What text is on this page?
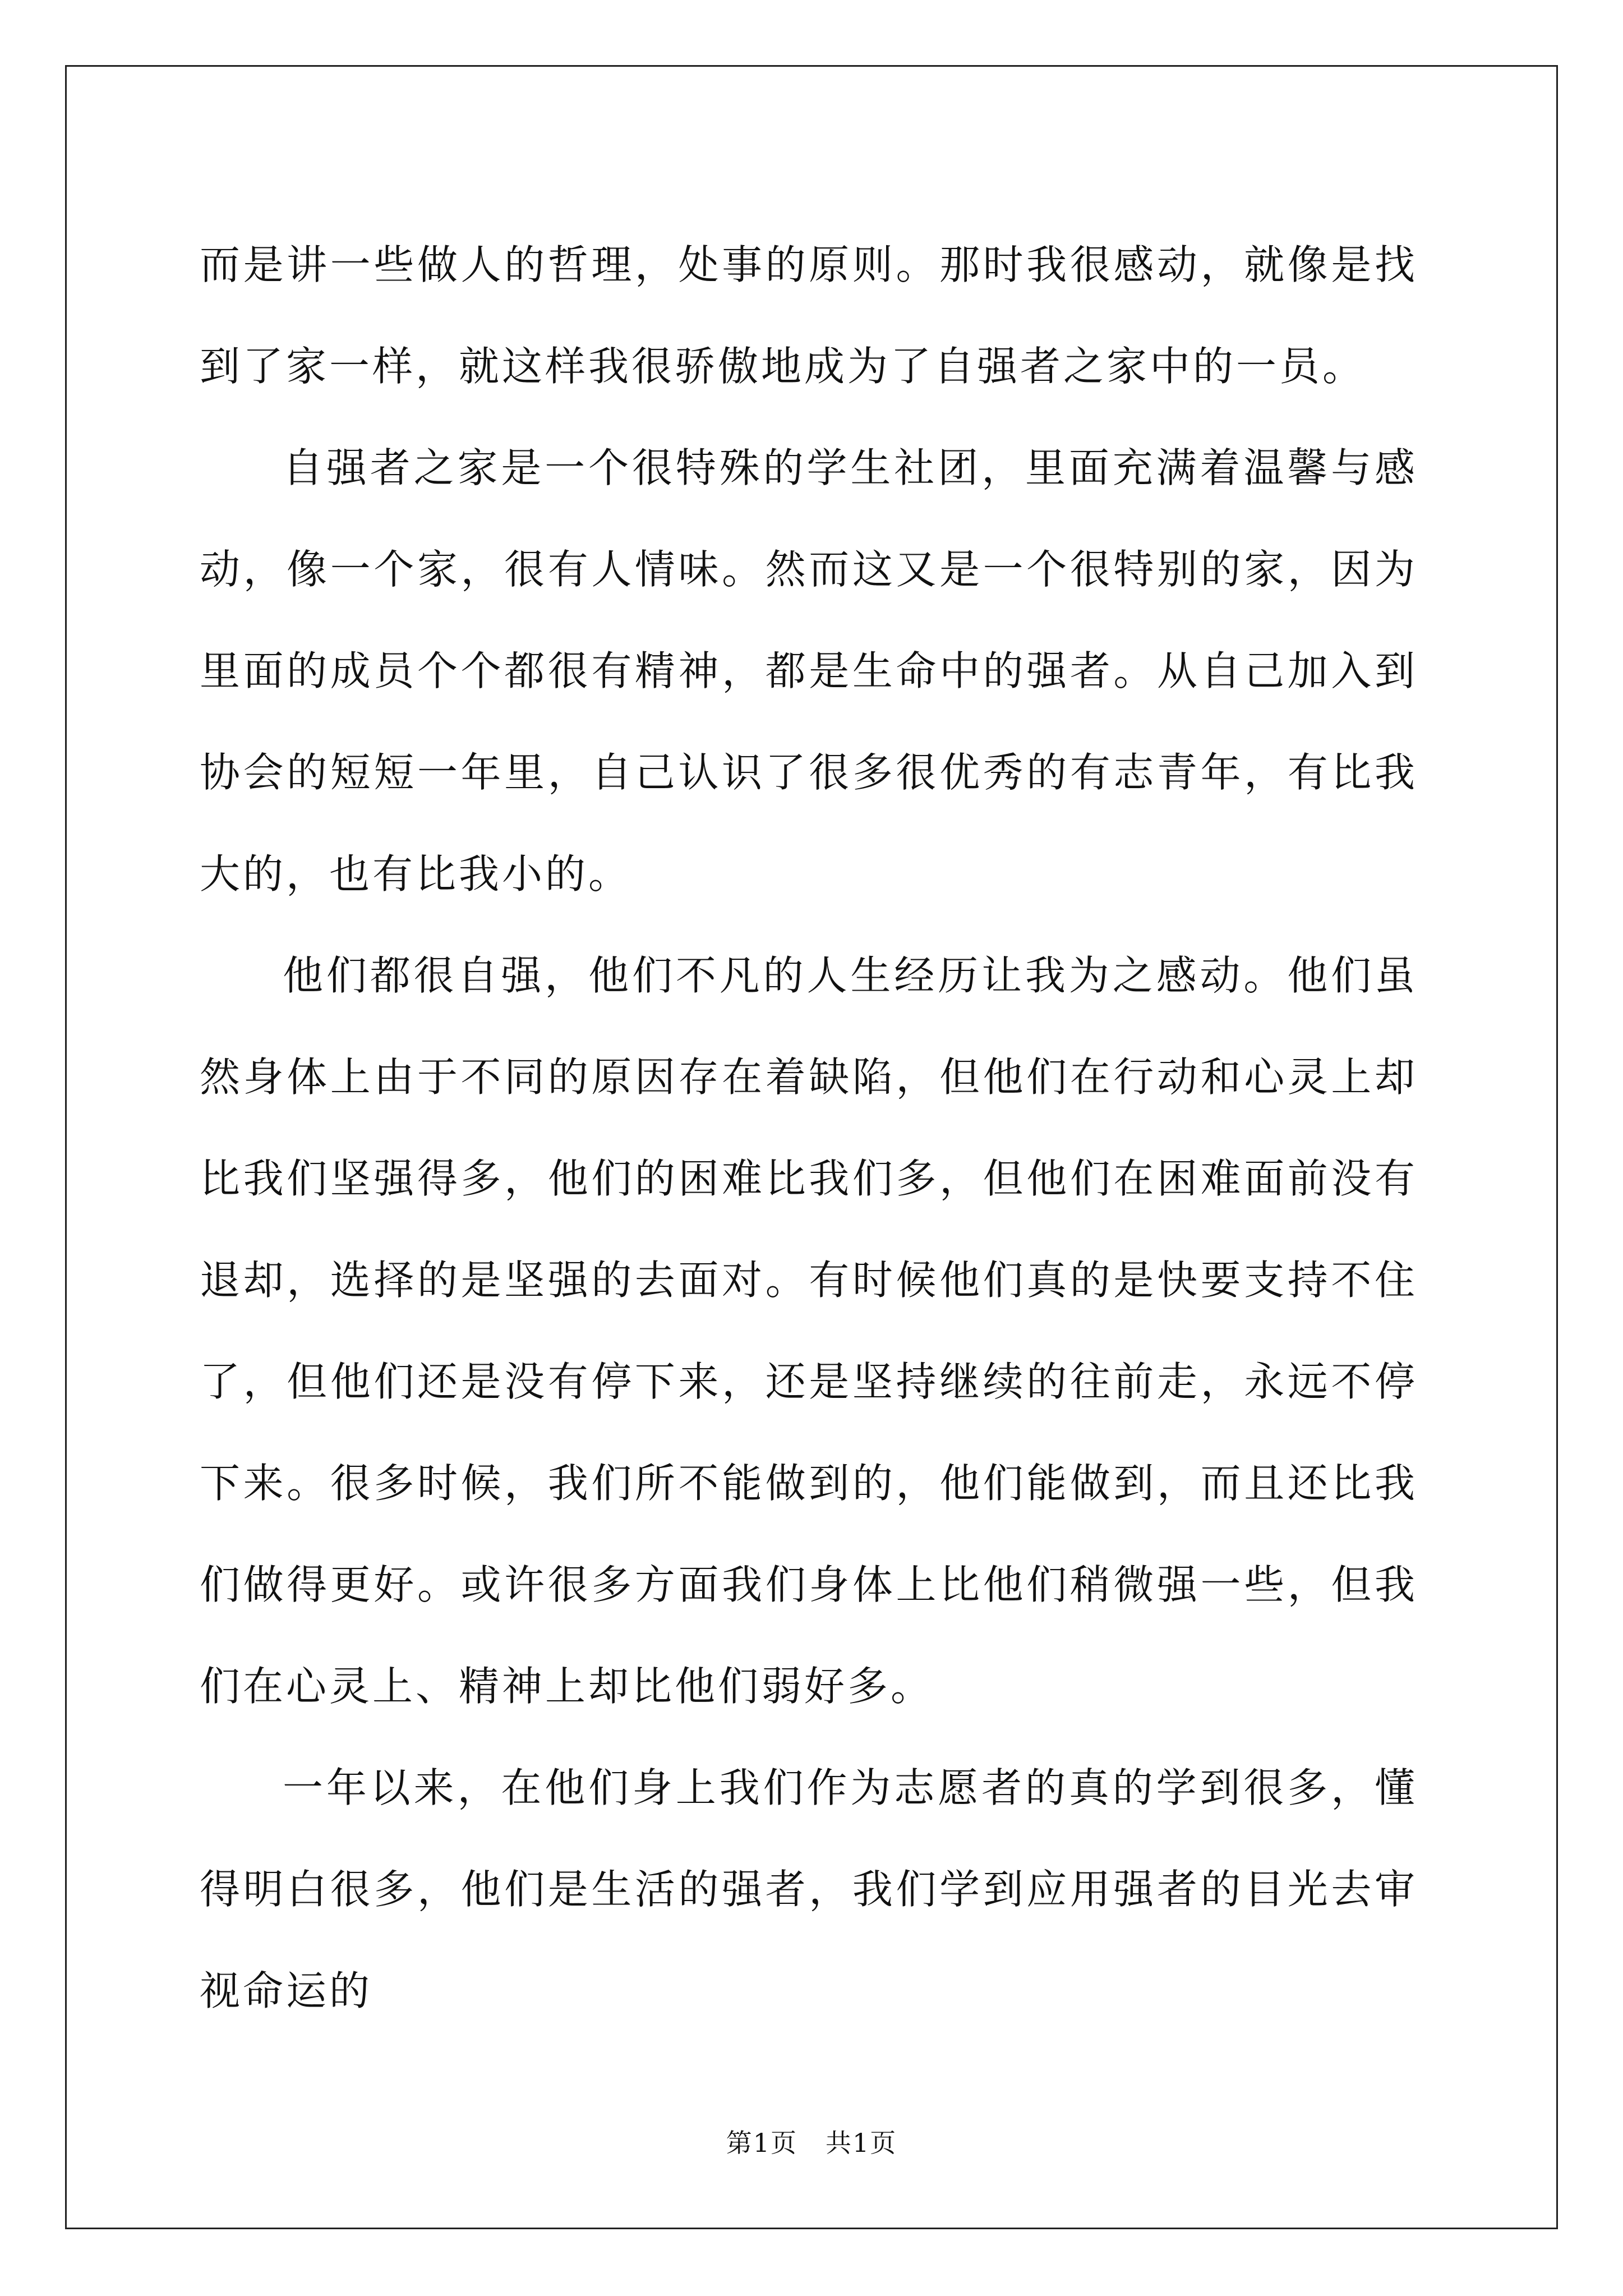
而是讲一些做人的哲理，处事的原则。那时我很感动，就像是找到了家一样，就这样我很骄傲地成为了自强者之家中的一员。

自强者之家是一个很特殊的学生社团，里面充满着温馨与感动，像一个家，很有人情味。然而这又是一个很特别的家，因为里面的成员个个都很有精神，都是生命中的强者。从自己加入到协会的短短一年里，自己认识了很多很优秀的有志青年，有比我大的，也有比我小的。

他们都很自强，他们不凡的人生经历让我为之感动。他们虽然身体上由于不同的原因存在着缺陷，但他们在行动和心灵上却比我们坚强得多，他们的困难比我们多，但他们在困难面前没有退却，选择的是坚强的去面对。有时候他们真的是快要支持不住了，但他们还是没有停下来，还是坚持继续的往前走，永远不停下来。很多时候，我们所不能做到的，他们能做到，而且还比我们做得更好。或许很多方面我们身体上比他们稍微强一些，但我们在心灵上、精神上却比他们弱好多。

一年以来，在他们身上我们作为志愿者的真的学到很多，懂得明白很多，他们是生活的强者，我们学到应用强者的目光去审视命运的

第1页 共1页
